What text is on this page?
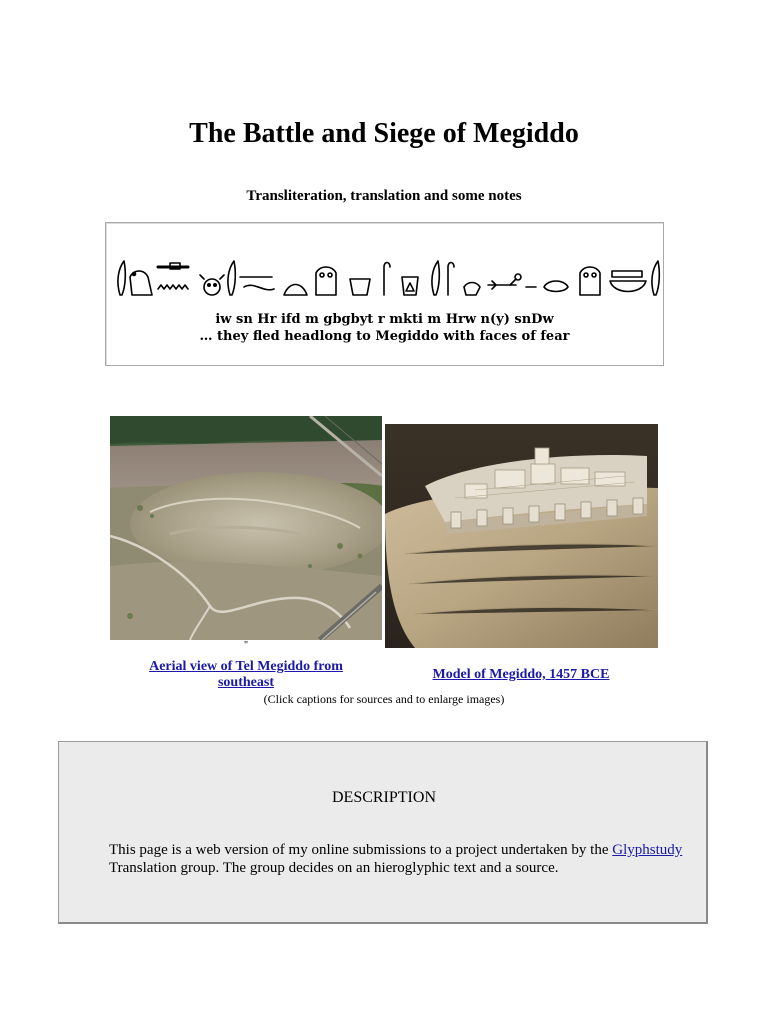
The Battle and Siege of Megiddo
Transliteration, translation and some notes
iw sn Hr ifd m gbgbyt r mkti m Hrw n(y) snDw
… they fled headlong to Megiddo with faces of fear
"
Aerial view of Tel Megiddo from southeast
Model of Megiddo, 1457 BCE
(Click captions for sources and to enlarge images)
DESCRIPTION
This page is a web version of my online submissions to a project undertaken by the Glyphstudy Translation group. The group decides on an hieroglyphic text and a source.
